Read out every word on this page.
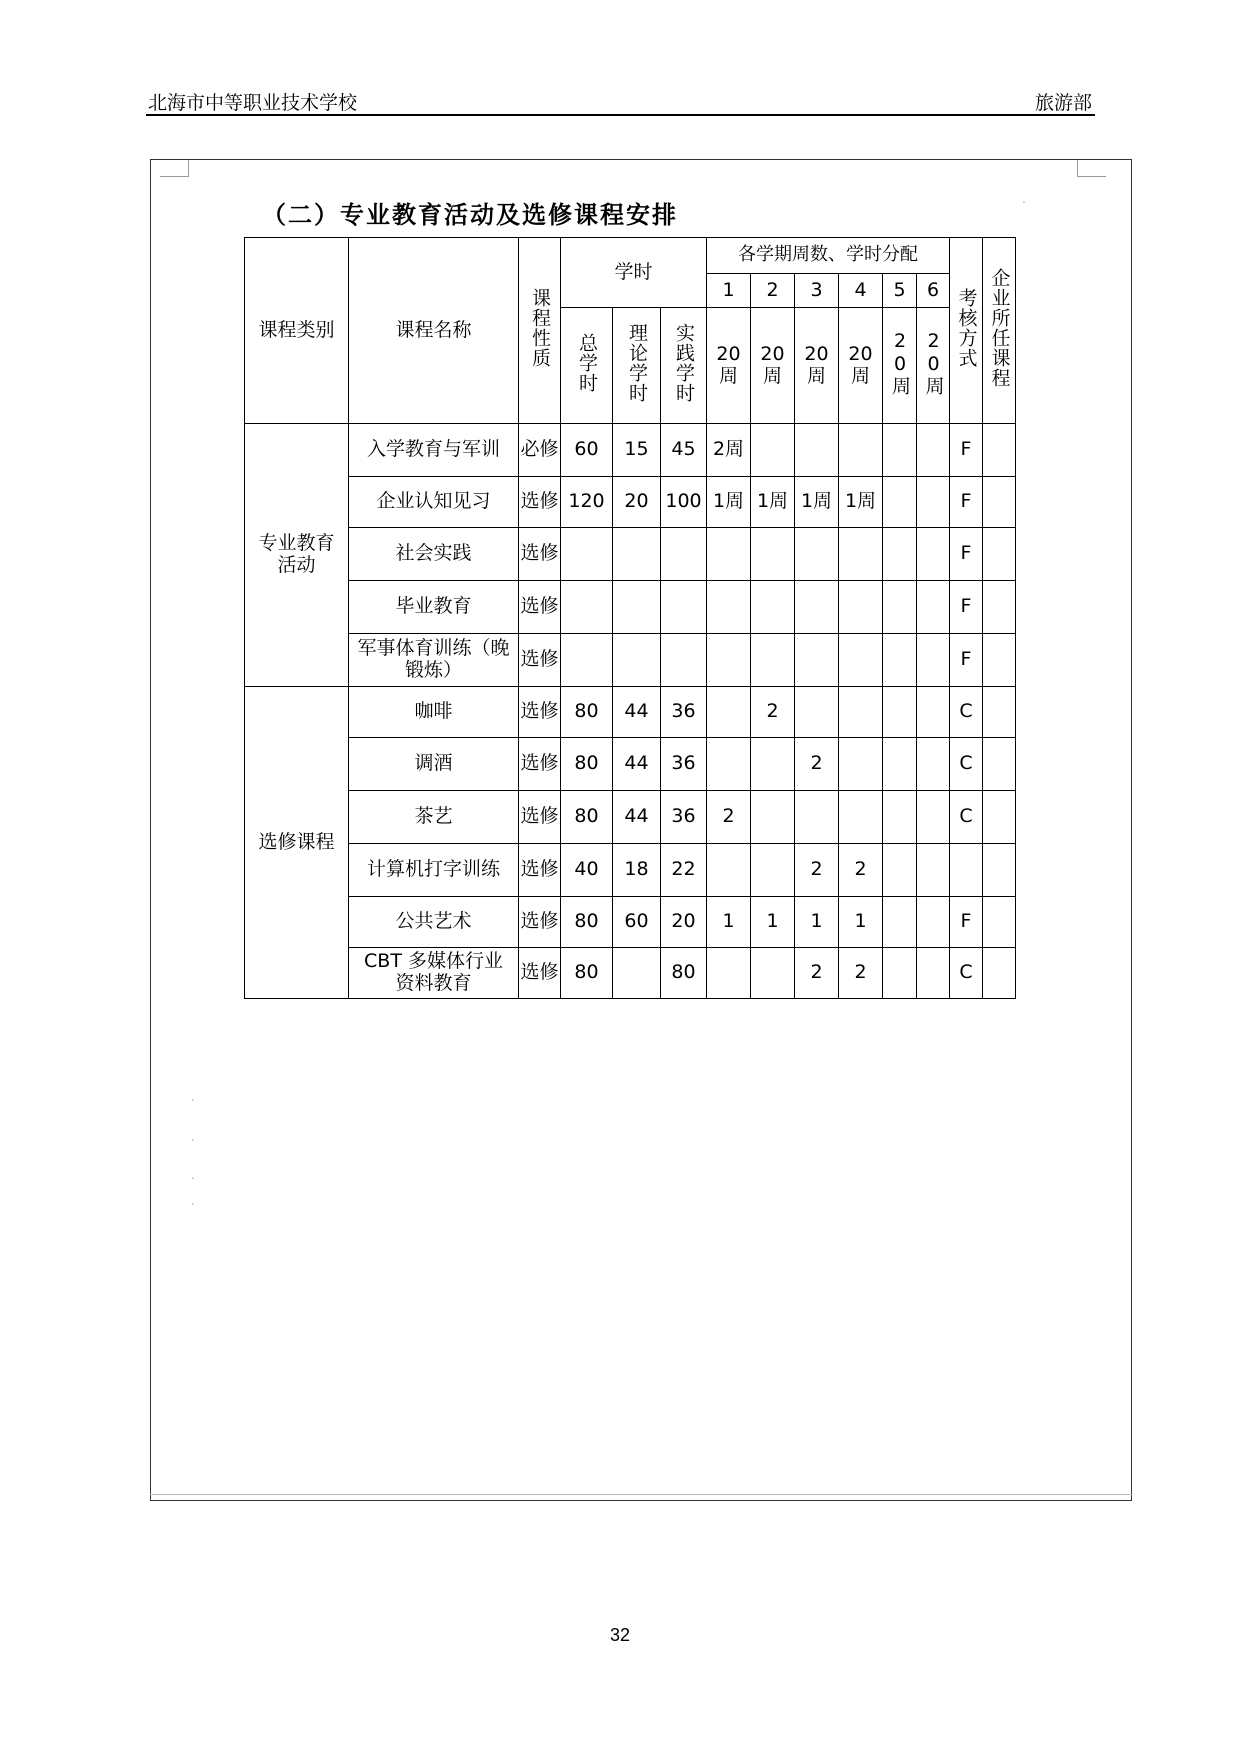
北海市中等职业技术学校	旅游部
（二）专业教育活动及选修课程安排
课程类别	课程名称	课程性质	学时			各学期周数、学时分配						考核方式	企业所任课程
						1	2	3	4	5	6		
			总学时	理论学时	实践学时	20周	20周	20周	20周	20周	20周		
专业教育活动	入学教育与军训	必修	60	15	45	2周						F	
	企业认知见习	选修	120	20	100	1周	1周	1周	1周			F	
	社会实践	选修										F	
	毕业教育	选修										F	
	军事体育训练（晚锻炼）	选修										F	
选修课程	咖啡	选修	80	44	36		2					C	
	调酒	选修	80	44	36			2				C	
	茶艺	选修	80	44	36	2						C	
	计算机打字训练	选修	40	18	22			2	2				
	公共艺术	选修	80	60	20	1	1	1	1			F	
	CBT 多媒体行业资料教育	选修	80		80			2	2			C	
.
.
.
.
.
32
